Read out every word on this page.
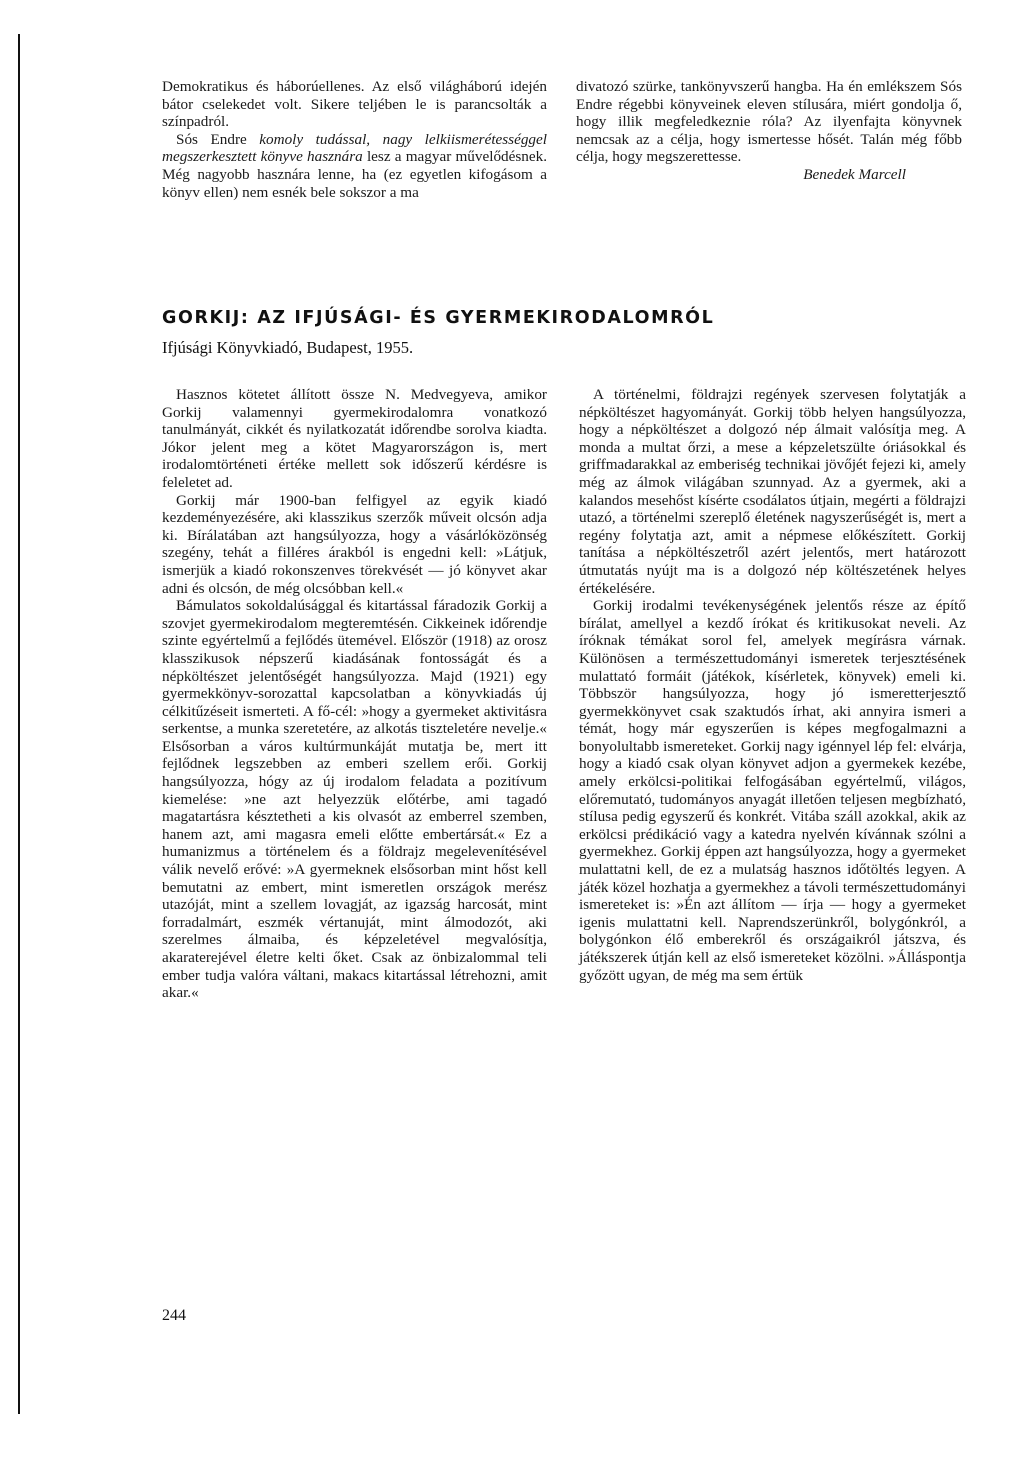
Demokratikus és háborúellenes. Az első világháború idején bátor cselekedet volt. Sikere teljében le is parancsolták a színpadról.

Sós Endre komoly tudással, nagy lelkiismerétességgel megszerkesztett könyve hasznára lesz a magyar művelődésnek. Még nagyobb hasznára lenne, ha (ez egyetlen kifogásom a könyv ellen) nem esnék bele sokszor a ma

divatozó szürke, tankönyvszerű hangba. Ha én emlékszem Sós Endre régebbi könyveinek eleven stílusára, miért gondolja ő, hogy illik megfeledkeznie róla? Az ilyenfajta könyvnek nemcsak az a célja, hogy ismertesse hősét. Talán még főbb célja, hogy megszerettesse.

Benedek Marcell

GORKIJ: AZ IFJÚSÁGI- ÉS GYERMEKIRODALOMRÓL
Ifjúsági Könyvkiadó, Budapest, 1955.

Hasznos kötetet állított össze N. Medvegyeva, amikor Gorkij valamennyi gyermekirodalomra vonatkozó tanulmányát, cikkét és nyilatkozatát időrendbe sorolva kiadta. Jókor jelent meg a kötet Magyarországon is, mert irodalomtörténeti értéke mellett sok időszerű kérdésre is feleletet ad.

Gorkij már 1900-ban felfigyel az egyik kiadó kezdeményezésére, aki klasszikus szerzők műveit olcsón adja ki. Bírálatában azt hangsúlyozza, hogy a vásárlóközönség szegény, tehát a filléres árakból is engedni kell: »Látjuk, ismerjük a kiadó rokonszenves törekvését — jó könyvet akar adni és olcsón, de még olcsóbban kell.«

Bámulatos sokoldalúsággal és kitartással fáradozik Gorkij a szovjet gyermekirodalom megteremtésén. Cikkeinek időrendje szinte egyértelmű a fejlődés ütemével. Először (1918) az orosz klasszikusok népszerű kiadásának fontosságát és a népköltészet jelentőségét hangsúlyozza. Majd (1921) egy gyermekkönyv-sorozattal kapcsolatban a könyvkiadás új célkitűzéseit ismerteti. A fő-cél: »hogy a gyermeket aktivitásra serkentse, a munka szeretetére, az alkotás tiszteletére nevelje.« Elsősorban a város kultúrmunkáját mutatja be, mert itt fejlődnek legszebben az emberi szellem erői. Gorkij hangsúlyozza, hógy az új irodalom feladata a pozitívum kiemelése: »ne azt helyezzük előtérbe, ami tagadó magatartásra késztetheti a kis olvasót az emberrel szemben, hanem azt, ami magasra emeli előtte embertársát.« Ez a humanizmus a történelem és a földrajz megelevenítésével válik nevelő erővé: »A gyermeknek elsősorban mint hőst kell bemutatni az embert, mint ismeretlen országok merész utazóját, mint a szellem lovagját, az igazság harcosát, mint forradalmárt, eszmék vértanuját, mint álmodozót, aki szerelmes álmaiba, és képzeletével megvalósítja, akaraterejével életre kelti őket. Csak az önbizalommal teli ember tudja valóra váltani, makacs kitartással létrehozni, amit akar.«

A történelmi, földrajzi regények szervesen folytatják a népköltészet hagyományát. Gorkij több helyen hangsúlyozza, hogy a népköltészet a dolgozó nép álmait valósítja meg. A monda a multat őrzi, a mese a képzeletszülte óriásokkal és griffmadarakkal az emberiség technikai jövőjét fejezi ki, amely még az álmok világában szunnyad. Az a gyermek, aki a kalandos mesehőst kísérte csodálatos útjain, megérti a földrajzi utazó, a történelmi szereplő életének nagyszerűségét is, mert a regény folytatja azt, amit a népmese előkészített. Gorkij tanítása a népköltészetről azért jelentős, mert határozott útmutatás nyújt ma is a dolgozó nép költészetének helyes értékelésére.

Gorkij irodalmi tevékenységének jelentős része az építő bírálat, amellyel a kezdő írókat és kritikusokat neveli. Az íróknak témákat sorol fel, amelyek megírásra várnak. Különösen a természettudományi ismeretek terjesztésének mulattató formáit (játékok, kísérletek, könyvek) emeli ki. Többször hangsúlyozza, hogy jó ismeretterjesztő gyermekkönyvet csak szaktudós írhat, aki annyira ismeri a témát, hogy már egyszerűen is képes megfogalmazni a bonyolultabb ismereteket. Gorkij nagy igénnyel lép fel: elvárja, hogy a kiadó csak olyan könyvet adjon a gyermekek kezébe, amely erkölcsi-politikai felfogásában egyértelmű, világos, előremutató, tudományos anyagát illetően teljesen megbízható, stílusa pedig egyszerű és konkrét. Vitába száll azokkal, akik az erkölcsi prédikáció vagy a katedra nyelvén kívánnak szólni a gyermekhez. Gorkij éppen azt hangsúlyozza, hogy a gyermeket mulattatni kell, de ez a mulatság hasznos időtöltés legyen. A játék közel hozhatja a gyermekhez a távoli természettudományi ismereteket is: »Én azt állítom — írja — hogy a gyermeket igenis mulattatni kell. Naprendszerünkről, bolygónkról, a bolygónkon élő emberekről és országaikról játszva, és játékszerek útján kell az első ismereteket közölni. »Álláspontja győzött ugyan, de még ma sem értük

244
